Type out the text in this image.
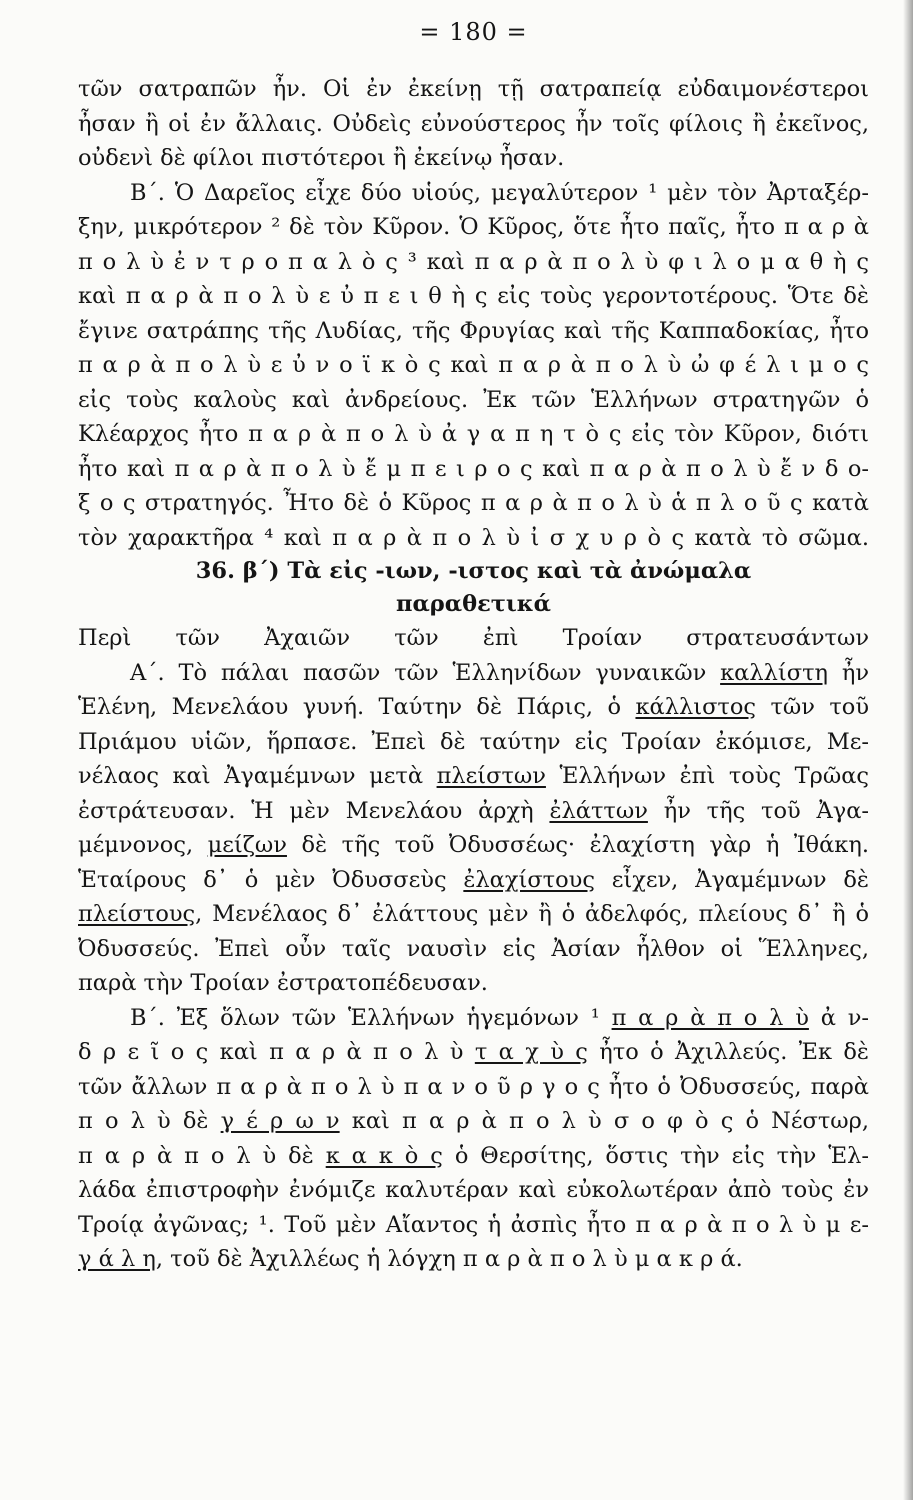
= 180 =
τῶν σατραπῶν ἦν. Οἱ ἐν ἐκείνῃ τῇ σατραπείᾳ εὐδαιμονέστεροι
ἦσαν ἢ οἱ ἐν ἄλλαις. Οὐδεὶς εὐνούστερος ἦν τοῖς φίλοις ἢ ἐκεῖνος,
οὐδενὶ δὲ φίλοι πιστότεροι ἢ ἐκείνῳ ἦσαν.
Β΄. Ὁ Δαρεῖος εἶχε δύο υἱούς, μεγαλύτερον ¹ μὲν τὸν Ἀρταξέρ-
ξην, μικρότερον ² δὲ τὸν Κῦρον. Ὁ Κῦρος, ὅτε ἦτο παῖς, ἦτο π α ρ ὰ
π ο λ ὺ ἐ ν τ ρ ο π α λ ὸ ς ³ καὶ π α ρ ὰ π ο λ ὺ φ ι λ ο μ α θ ὴ ς
καὶ π α ρ ὰ π ο λ ὺ ε ὐ π ε ι θ ὴ ς εἰς τοὺς γεροντοτέρους. Ὅτε δὲ
ἔγινε σατράπης τῆς Λυδίας, τῆς Φρυγίας καὶ τῆς Καππαδοκίας, ἦτο
π α ρ ὰ π ο λ ὺ ε ὐ ν ο ϊ κ ὸ ς καὶ π α ρ ὰ π ο λ ὺ ὠ φ έ λ ι μ ο ς
εἰς τοὺς καλοὺς καὶ ἀνδρείους. Ἐκ τῶν Ἑλλήνων στρατηγῶν ὁ
Κλέαρχος ἦτο π α ρ ὰ π ο λ ὺ ἀ γ α π η τ ὸ ς εἰς τὸν Κῦρον, διότι
ἦτο καὶ π α ρ ὰ π ο λ ὺ ἔ μ π ε ι ρ ο ς καὶ π α ρ ὰ π ο λ ὺ ἔ ν δ ο-
ξ ο ς στρατηγός. Ἦτο δὲ ὁ Κῦρος π α ρ ὰ π ο λ ὺ ἁ π λ ο ῦ ς κατὰ
τὸν χαρακτῆρα ⁴ καὶ π α ρ ὰ π ο λ ὺ ἰ σ χ υ ρ ὸ ς κατὰ τὸ σῶμα.
36. β΄) Τὰ εἰς -ιων, -ιστος καὶ τὰ ἀνώμαλα
παραθετικά
Περὶ τῶν Ἀχαιῶν τῶν ἐπὶ Τροίαν στρατευσάντων
Α΄. Τὸ πάλαι πασῶν τῶν Ἑλληνίδων γυναικῶν καλλίστη ἦν
Ἑλένη, Μενελάου γυνή. Ταύτην δὲ Πάρις, ὁ κάλλιστος τῶν τοῦ
Πριάμου υἱῶν, ἥρπασε. Ἐπεὶ δὲ ταύτην εἰς Τροίαν ἐκόμισε, Με-
νέλαος καὶ Ἀγαμέμνων μετὰ πλείστων Ἑλλήνων ἐπὶ τοὺς Τρῶας
ἐστράτευσαν. Ἡ μὲν Μενελάου ἀρχὴ ἐλάττων ἦν τῆς τοῦ Ἀγα-
μέμνονος, μείζων δὲ τῆς τοῦ Ὀδυσσέως· ἐλαχίστη γὰρ ἡ Ἰθάκη.
Ἑταίρους δ᾽ ὁ μὲν Ὀδυσσεὺς ἐλαχίστους εἶχεν, Ἀγαμέμνων δὲ
πλείστους, Μενέλαος δ᾽ ἐλάττους μὲν ἢ ὁ ἀδελφός, πλείους δ᾽ ἢ ὁ
Ὀδυσσεύς. Ἐπεὶ οὖν ταῖς ναυσὶν εἰς Ἀσίαν ἦλθον οἱ Ἕλληνες,
παρὰ τὴν Τροίαν ἐστρατοπέδευσαν.
Β΄. Ἐξ ὅλων τῶν Ἑλλήνων ἡγεμόνων ¹ π α ρ ὰ π ο λ ὺ ἀ ν-
δ ρ ε ῖ ο ς καὶ π α ρ ὰ π ο λ ὺ τ α χ ὺ ς ἦτο ὁ Ἀχιλλεύς. Ἐκ δὲ
τῶν ἄλλων π α ρ ὰ π ο λ ὺ π α ν ο ῦ ρ γ ο ς ἦτο ὁ Ὀδυσσεύς, παρὰ
π ο λ ὺ δὲ γ έ ρ ω ν καὶ π α ρ ὰ π ο λ ὺ σ ο φ ὸ ς ὁ Νέστωρ,
π α ρ ὰ π ο λ ὺ δὲ κ α κ ὸ ς ὁ Θερσίτης, ὅστις τὴν εἰς τὴν Ἑλ-
λάδα ἐπιστροφὴν ἐνόμιζε καλυτέραν καὶ εὐκολωτέραν ἀπὸ τοὺς ἐν
Τροίᾳ ἀγῶνας; ¹. Τοῦ μὲν Αἴαντος ἡ ἀσπὶς ἦτο π α ρ ὰ π ο λ ὺ μ ε-
γ ά λ η, τοῦ δὲ Ἀχιλλέως ἡ λόγχη π α ρ ὰ π ο λ ὺ μ α κ ρ ά.
